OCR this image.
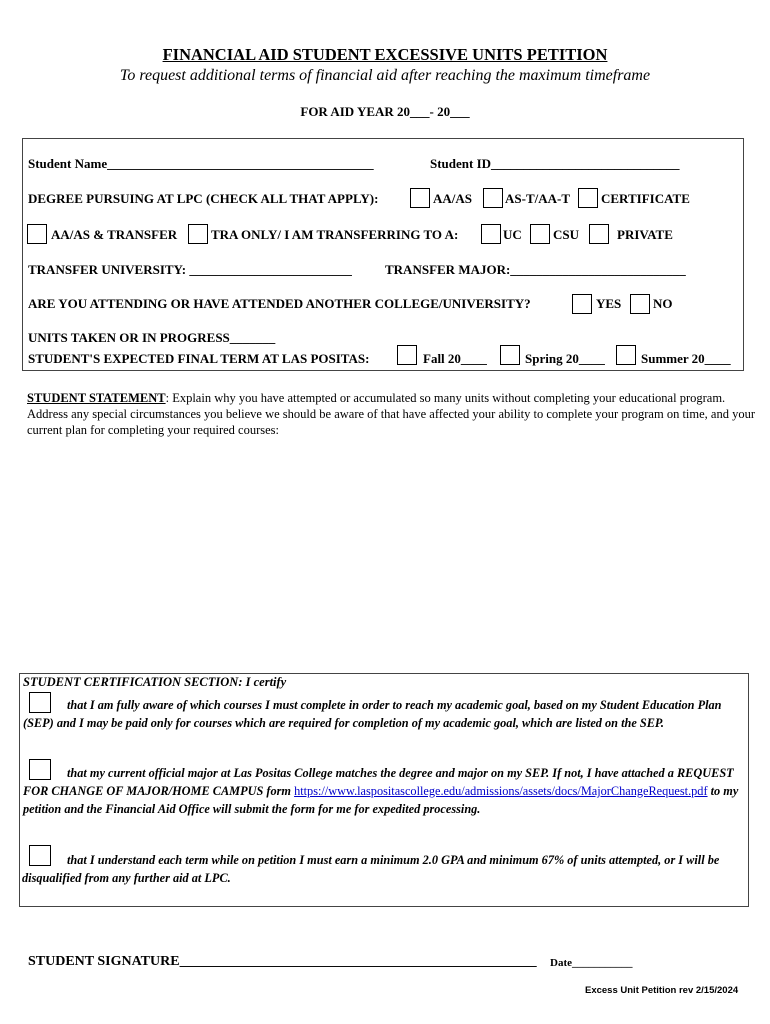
FINANCIAL AID STUDENT EXCESSIVE UNITS PETITION
To request additional terms of financial aid after reaching the maximum timeframe
FOR AID YEAR 20___- 20___
Student Name_________________________________________	Student ID_____________________________
DEGREE PURSUING AT LPC (CHECK ALL THAT APPLY):	AA/AS	AS-T/AA-T CERTIFICATE
AA/AS & TRANSFER	TRA ONLY/ I AM TRANSFERRING TO A:	UC CSU	PRIVATE
TRANSFER UNIVERSITY: _________________________	TRANSFER MAJOR:___________________________
ARE YOU ATTENDING OR HAVE ATTENDED ANOTHER COLLEGE/UNIVERSITY?	YES NO
UNITS TAKEN OR IN PROGRESS_______
STUDENT'S EXPECTED FINAL TERM AT LAS POSITAS:	Fall 20____	Spring 20____	Summer 20____
STUDENT STATEMENT: Explain why you have attempted or accumulated so many units without completing your educational program. Address any special circumstances you believe we should be aware of that have affected your ability to complete your program on time, and your current plan for completing your required courses:
STUDENT CERTIFICATION SECTION: I certify
that I am fully aware of which courses I must complete in order to reach my academic goal, based on my Student Education Plan (SEP) and I may be paid only for courses which are required for completion of my academic goal, which are listed on the SEP.
that my current official major at Las Positas College matches the degree and major on my SEP. If not, I have attached a REQUEST FOR CHANGE OF MAJOR/HOME CAMPUS form https://www.laspositascollege.edu/admissions/assets/docs/MajorChangeRequest.pdf to my petition and the Financial Aid Office will submit the form for me for expedited processing.
that I understand each term while on petition I must earn a minimum 2.0 GPA and minimum 67% of units attempted, or I will be disqualified from any further aid at LPC.
STUDENT SIGNATURE___________________________________________________ Date___________
Excess Unit Petition rev 2/15/2024
